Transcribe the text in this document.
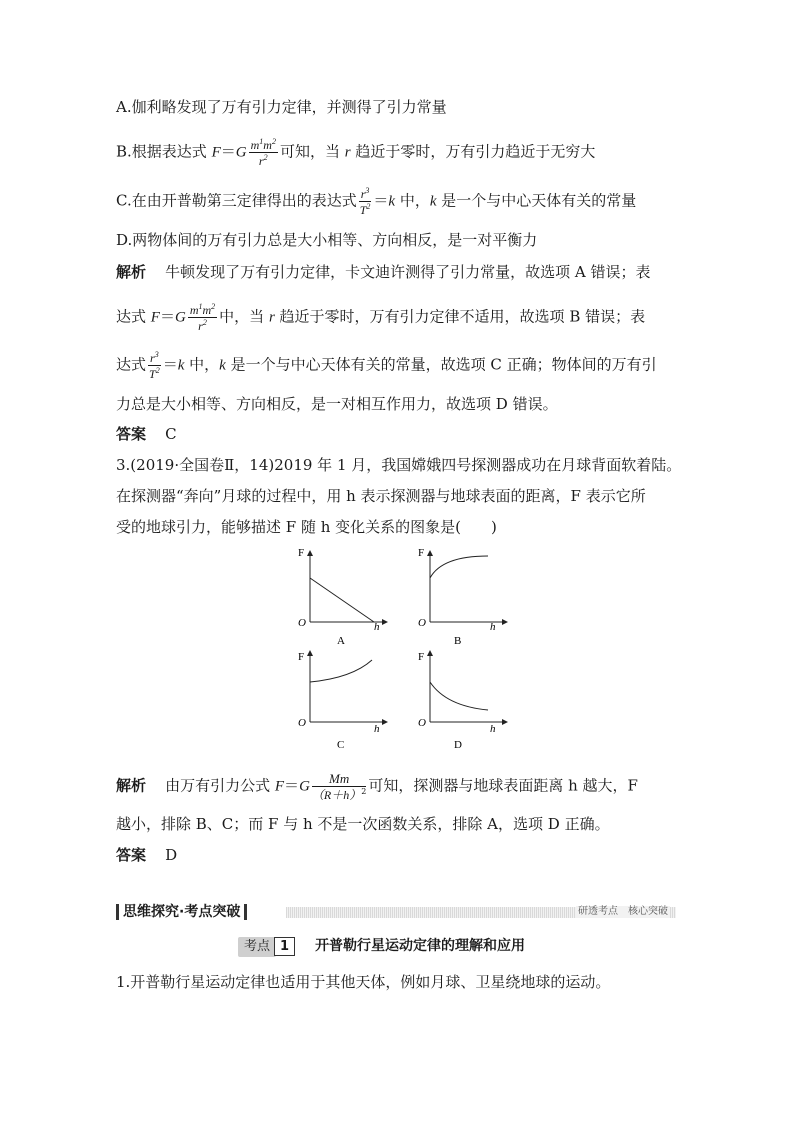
A.伽利略发现了万有引力定律，并测得了引力常量
B.根据表达式 $F=G \frac{m^1m^2}{r^2}$ 可知，当 r 趋近于零时，万有引力趋近于无穷大
C.在由开普勒第三定律得出的表达式 $\frac{r^3}{T^2} =k$ 中，k 是一个与中心天体有关的常量
D.两物体间的万有引力总是大小相等、方向相反，是一对平衡力
解析 牛顿发现了万有引力定律，卡文迪许测得了引力常量，故选项 A 错误；表
达式 $F=G \frac{m^1m^2}{r^2}$ 中，当 r 趋近于零时，万有引力定律不适用，故选项 B 错误；表
达式 $\frac{r^3}{T^2} =k$ 中，k 是一个与中心天体有关的常量，故选项 C 正确；物体间的万有引
力总是大小相等、方向相反，是一对相互作用力，故选项 D 错误。
答案 C
3.(2019·全国卷Ⅱ，14)2019 年 1 月，我国嫦娥四号探测器成功在月球背面软着陆。
在探测器“奔向”月球的过程中，用 h 表示探测器与地球表面的距离，F 表示它所
受的地球引力，能够描述 F 随 h 变化关系的图象是(　　)
F
O	h
A
F
O	h
B
F
O	h
C
F
O	h
D
解析 由万有引力公式 $F=G \frac{Mm}{(R+h)^2}$ 可知，探测器与地球表面距离 h 越大，F
越小，排除 B、C；而 F 与 h 不是一次函数关系，排除 A，选项 D 正确。
答案 D
思维探究·考点突破	研透考点　核心突破
考点 1 开普勒行星运动定律的理解和应用
1.开普勒行星运动定律也适用于其他天体，例如月球、卫星绕地球的运动。
